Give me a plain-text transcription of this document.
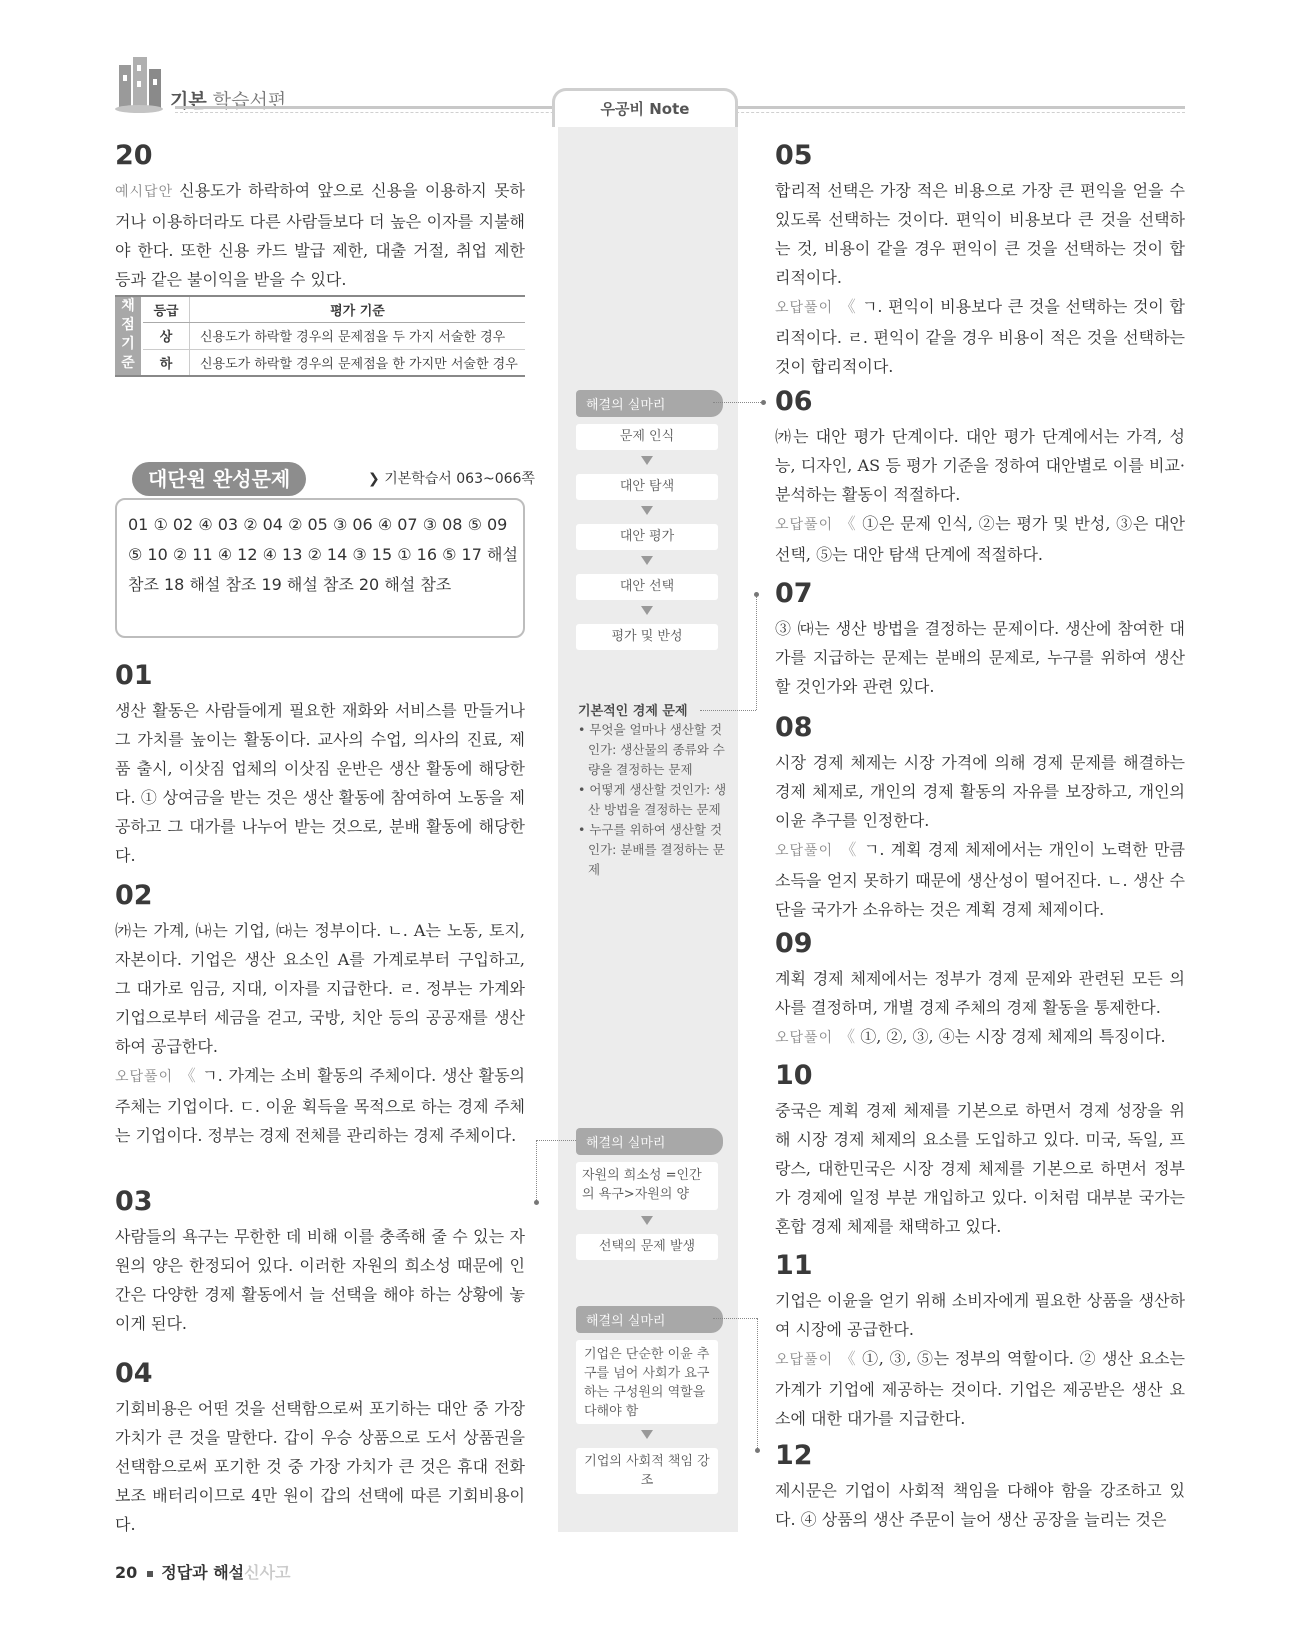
기본 학습서편	우공비 Note
해결의 실마리
문제 인식
대안 탐색
대안 평가
대안 선택
평가 및 반성
기본적인 경제 문제
• 무엇을 얼마나 생산할 것인가: 생산물의 종류와 수량을 결정하는 문제
• 어떻게 생산할 것인가: 생산 방법을 결정하는 문제
• 누구를 위하여 생산할 것인가: 분배를 결정하는 문제
해결의 실마리
자원의 희소성 =인간의 욕구>자원의 양
선택의 문제 발생
해결의 실마리
기업은 단순한 이윤 추구를 넘어 사회가 요구하는 구성원의 역할을 다해야 함
기업의 사회적 책임 강조
20
예시답안 신용도가 하락하여 앞으로 신용을 이용하지 못하거나 이용하더라도 다른 사람들보다 더 높은 이자를 지불해야 한다. 또한 신용 카드 발급 제한, 대출 거절, 취업 제한 등과 같은 불이익을 받을 수 있다.
채점기준
	등급	평가 기준
	상	신용도가 하락할 경우의 문제점을 두 가지 서술한 경우
	하	신용도가 하락할 경우의 문제점을 한 가지만 서술한 경우
대단원 완성문제	❯ 기본학습서 063~066쪽
01 ① 02 ④ 03 ② 04 ② 05 ③ 06 ④ 07 ③ 08 ⑤ 09 ⑤ 10 ② 11 ④ 12 ④ 13 ② 14 ③ 15 ① 16 ⑤ 17 해설 참조 18 해설 참조 19 해설 참조 20 해설 참조
01
생산 활동은 사람들에게 필요한 재화와 서비스를 만들거나 그 가치를 높이는 활동이다. 교사의 수업, 의사의 진료, 제품 출시, 이삿짐 업체의 이삿짐 운반은 생산 활동에 해당한다. ① 상여금을 받는 것은 생산 활동에 참여하여 노동을 제공하고 그 대가를 나누어 받는 것으로, 분배 활동에 해당한다.
02
㈎는 가계, ㈏는 기업, ㈐는 정부이다. ㄴ. A는 노동, 토지, 자본이다. 기업은 생산 요소인 A를 가계로부터 구입하고, 그 대가로 임금, 지대, 이자를 지급한다. ㄹ. 정부는 가계와 기업으로부터 세금을 걷고, 국방, 치안 등의 공공재를 생산하여 공급한다.
오답풀이 《 ㄱ. 가계는 소비 활동의 주체이다. 생산 활동의 주체는 기업이다. ㄷ. 이윤 획득을 목적으로 하는 경제 주체는 기업이다. 정부는 경제 전체를 관리하는 경제 주체이다.
03
사람들의 욕구는 무한한 데 비해 이를 충족해 줄 수 있는 자원의 양은 한정되어 있다. 이러한 자원의 희소성 때문에 인간은 다양한 경제 활동에서 늘 선택을 해야 하는 상황에 놓이게 된다.
04
기회비용은 어떤 것을 선택함으로써 포기하는 대안 중 가장 가치가 큰 것을 말한다. 갑이 우승 상품으로 도서 상품권을 선택함으로써 포기한 것 중 가장 가치가 큰 것은 휴대 전화 보조 배터리이므로 4만 원이 갑의 선택에 따른 기회비용이다.
05
합리적 선택은 가장 적은 비용으로 가장 큰 편익을 얻을 수 있도록 선택하는 것이다. 편익이 비용보다 큰 것을 선택하는 것, 비용이 같을 경우 편익이 큰 것을 선택하는 것이 합리적이다.
오답풀이 《 ㄱ. 편익이 비용보다 큰 것을 선택하는 것이 합리적이다. ㄹ. 편익이 같을 경우 비용이 적은 것을 선택하는 것이 합리적이다.
06
㈎는 대안 평가 단계이다. 대안 평가 단계에서는 가격, 성능, 디자인, AS 등 평가 기준을 정하여 대안별로 이를 비교·분석하는 활동이 적절하다.
오답풀이 《 ①은 문제 인식, ②는 평가 및 반성, ③은 대안 선택, ⑤는 대안 탐색 단계에 적절하다.
07
③ ㈐는 생산 방법을 결정하는 문제이다. 생산에 참여한 대가를 지급하는 문제는 분배의 문제로, 누구를 위하여 생산할 것인가와 관련 있다.
08
시장 경제 체제는 시장 가격에 의해 경제 문제를 해결하는 경제 체제로, 개인의 경제 활동의 자유를 보장하고, 개인의 이윤 추구를 인정한다.
오답풀이 《 ㄱ. 계획 경제 체제에서는 개인이 노력한 만큼 소득을 얻지 못하기 때문에 생산성이 떨어진다. ㄴ. 생산 수단을 국가가 소유하는 것은 계획 경제 체제이다.
09
계획 경제 체제에서는 정부가 경제 문제와 관련된 모든 의사를 결정하며, 개별 경제 주체의 경제 활동을 통제한다.
오답풀이 《 ①, ②, ③, ④는 시장 경제 체제의 특징이다.
10
중국은 계획 경제 체제를 기본으로 하면서 경제 성장을 위해 시장 경제 체제의 요소를 도입하고 있다. 미국, 독일, 프랑스, 대한민국은 시장 경제 체제를 기본으로 하면서 정부가 경제에 일정 부분 개입하고 있다. 이처럼 대부분 국가는 혼합 경제 체제를 채택하고 있다.
11
기업은 이윤을 얻기 위해 소비자에게 필요한 상품을 생산하여 시장에 공급한다.
오답풀이 《 ①, ③, ⑤는 정부의 역할이다. ② 생산 요소는 가계가 기업에 제공하는 것이다. 기업은 제공받은 생산 요소에 대한 대가를 지급한다.
12
제시문은 기업이 사회적 책임을 다해야 함을 강조하고 있다. ④ 상품의 생산 주문이 늘어 생산 공장을 늘리는 것은
20 정답과 해설신사고
